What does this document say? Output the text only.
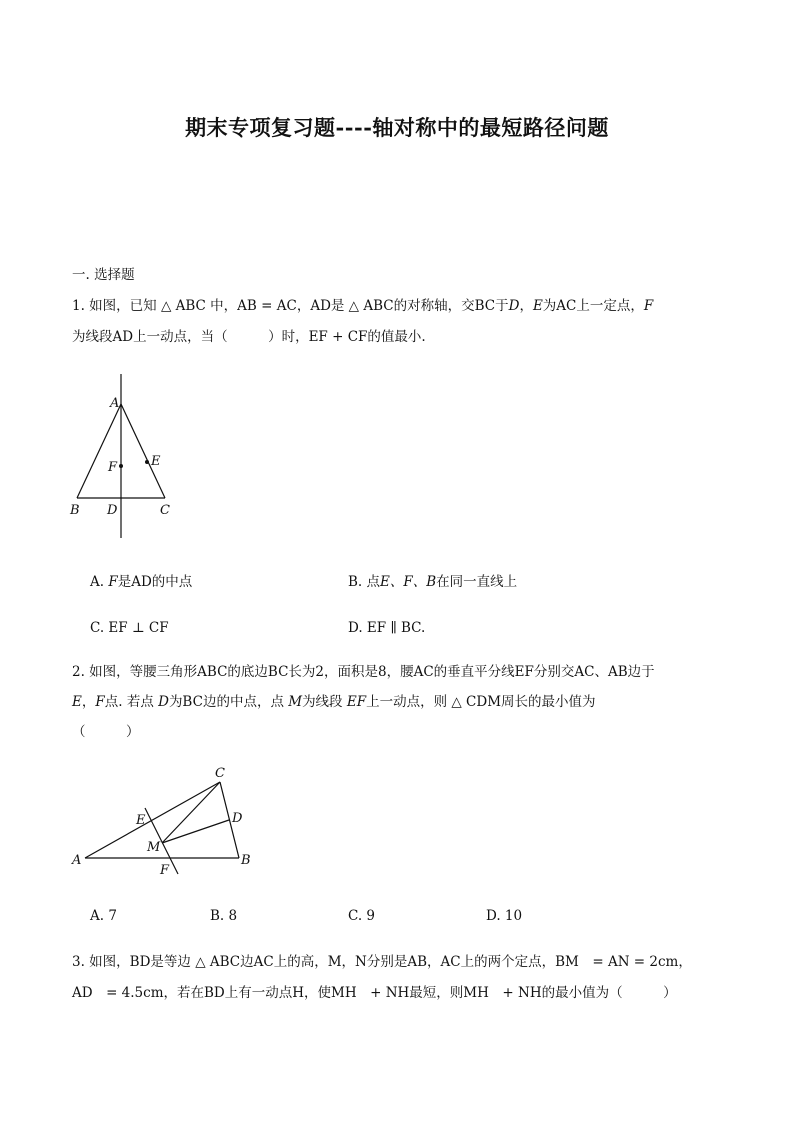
期末专项复习题----轴对称中的最短路径问题
一. 选择题
1. 如图，已知 △ ABC 中，AB = AC，AD是 △ ABC的对称轴，交BC于D，E为AC上一定点，F
为线段AD上一动点，当（　　　）时，EF + CF的值最小.
A
F	E
B D	C
A. F是AD的中点	B. 点E、F、B在同一直线上
C. EF ⊥ CF	D. EF ∥ BC.
2. 如图，等腰三角形ABC的底边BC长为2，面积是8，腰AC的垂直平分线EF分别交AC、AB边于
E，F点. 若点 D为BC边的中点，点 M为线段 EF上一动点，则 △ CDM周长的最小值为
（　　　）
C
E	D
M
A	B
F
A. 7	B. 8	C. 9	D. 10
3. 如图，BD是等边 △ ABC边AC上的高，M，N分别是AB，AC上的两个定点，BM　= AN = 2cm，
AD　= 4.5cm，若在BD上有一动点H，使MH　+ NH最短，则MH　+ NH的最小值为（　　　）
